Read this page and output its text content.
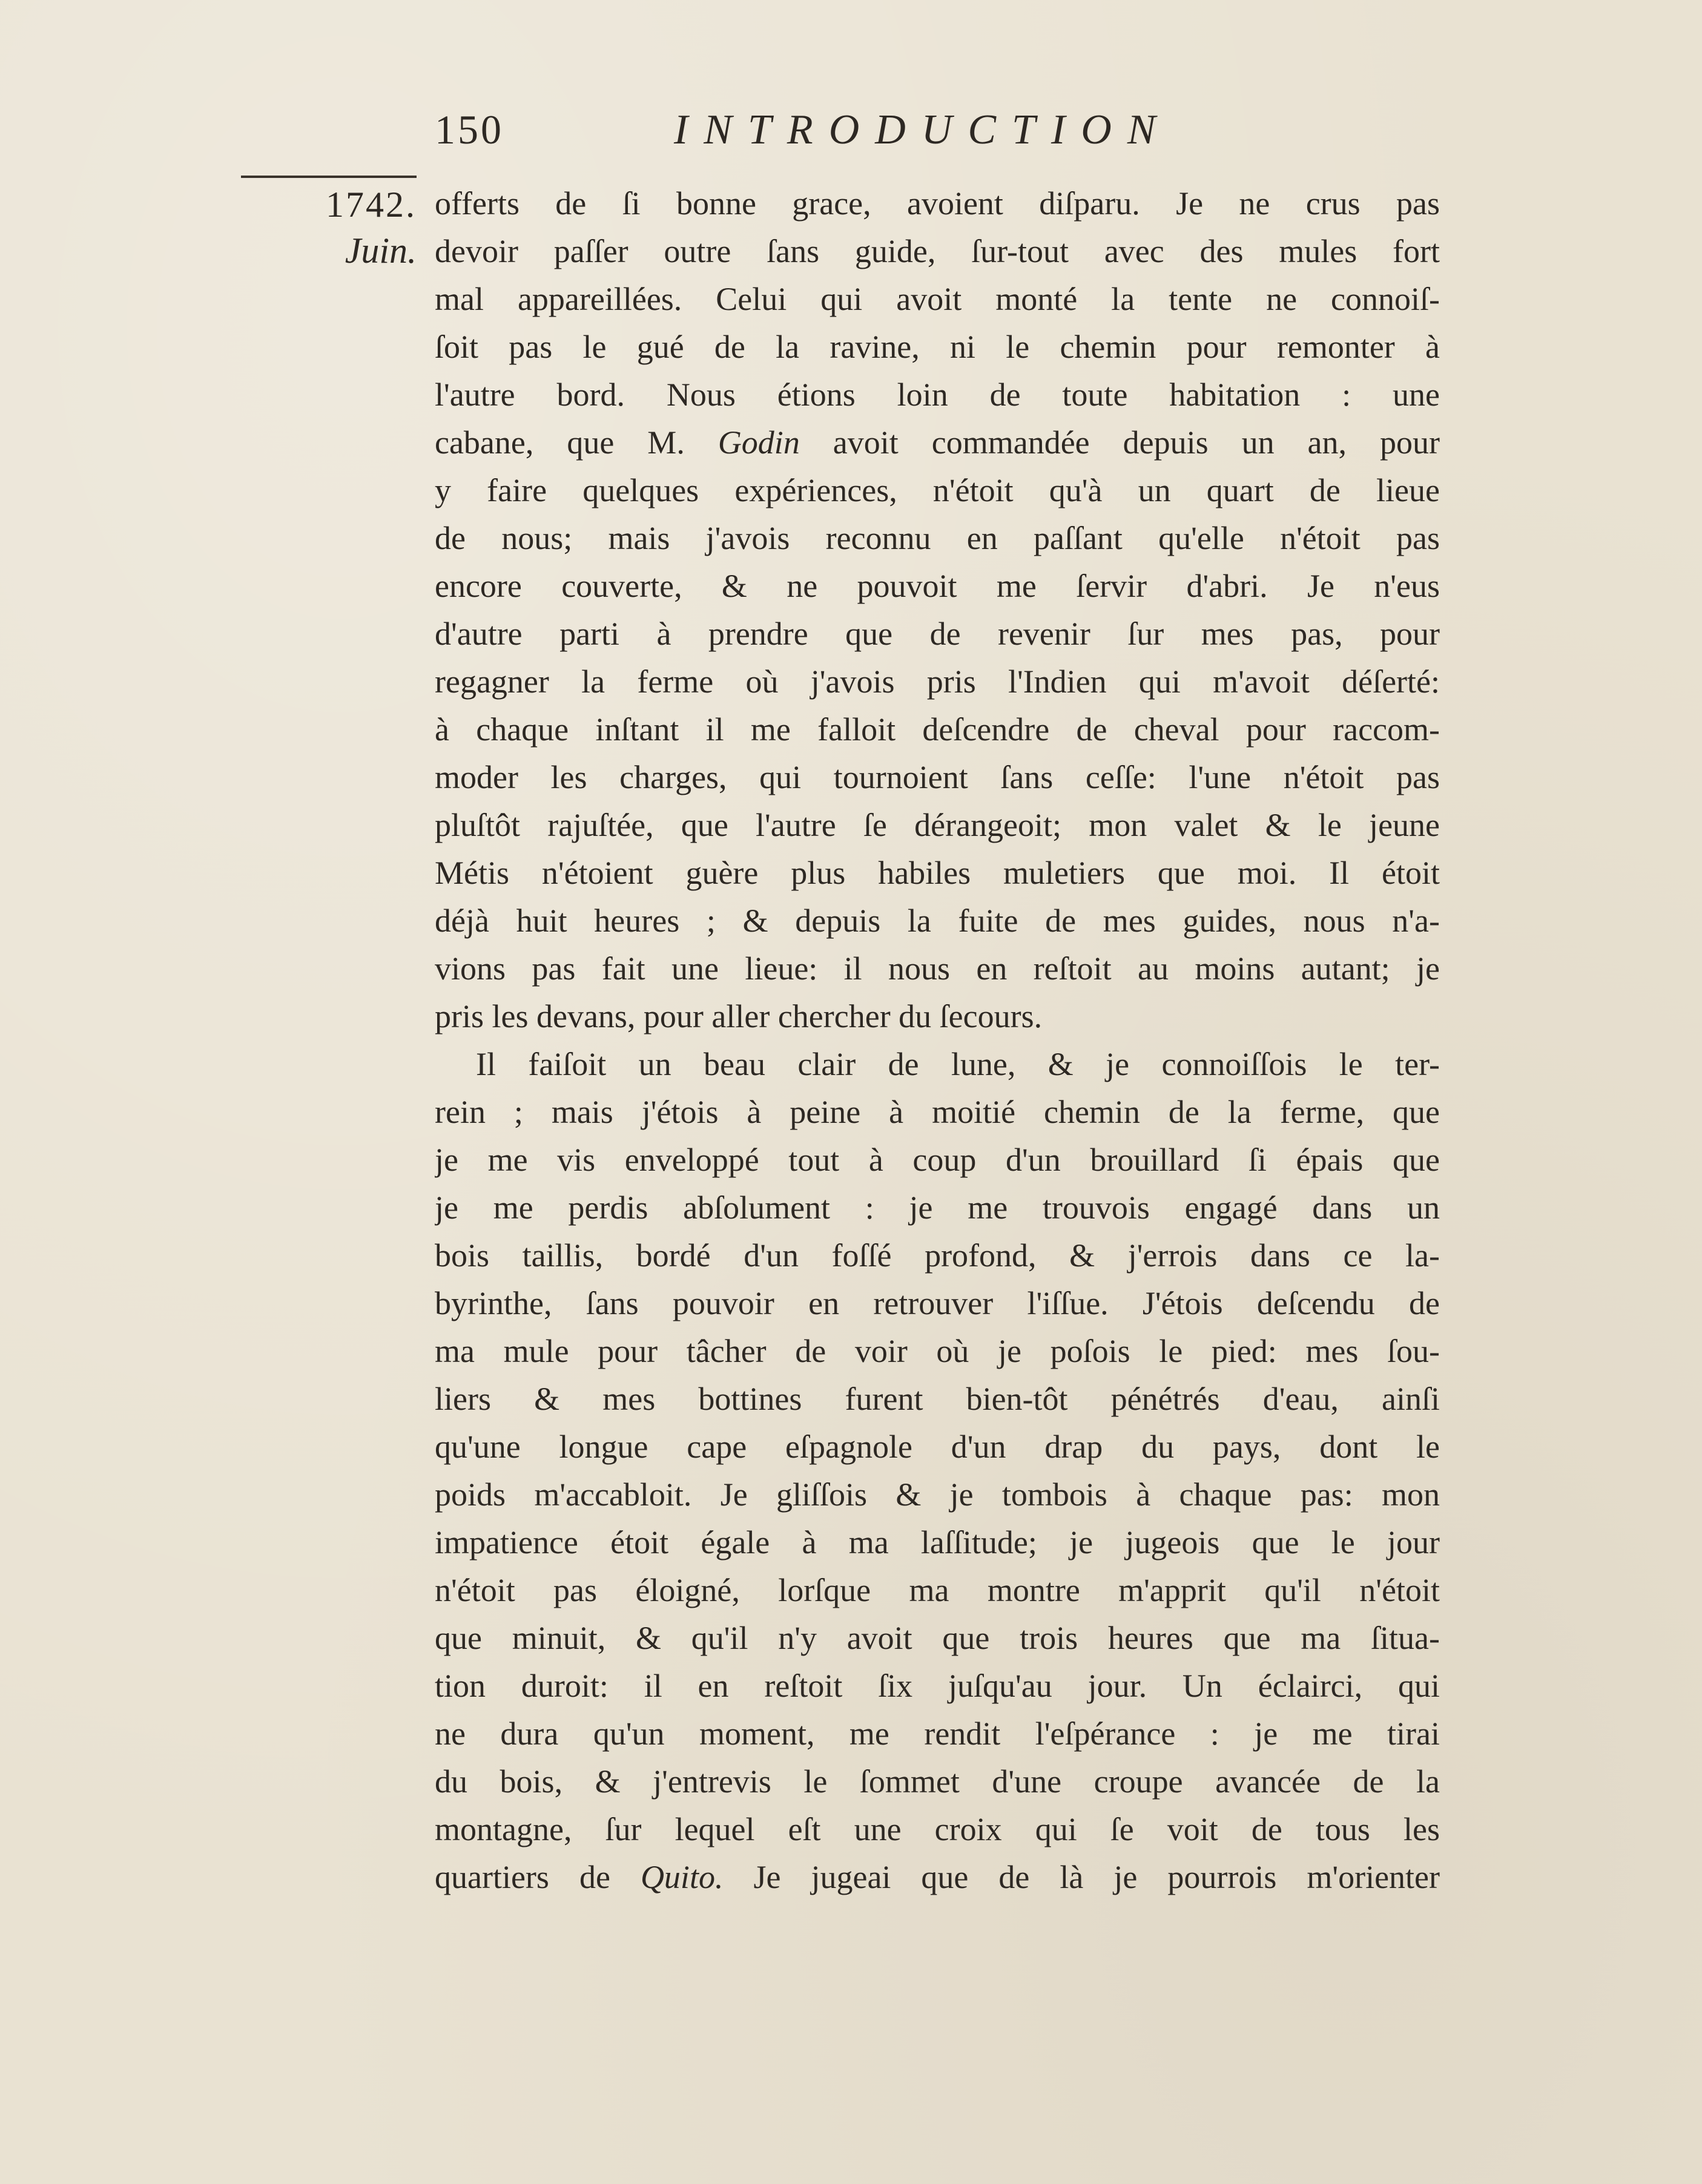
150	INTRODUCTION
1742.
Juin.
offerts de ſi bonne grace, avoient diſparu. Je ne crus pas
devoir paſſer outre ſans guide, ſur-tout avec des mules fort
mal appareillées. Celui qui avoit monté la tente ne connoiſ-
ſoit pas le gué de la ravine, ni le chemin pour remonter à
l'autre bord. Nous étions loin de toute habitation : une
cabane, que M. Godin avoit commandée depuis un an, pour
y faire quelques expériences, n'étoit qu'à un quart de lieue
de nous; mais j'avois reconnu en paſſant qu'elle n'étoit pas
encore couverte, & ne pouvoit me ſervir d'abri. Je n'eus
d'autre parti à prendre que de revenir ſur mes pas, pour
regagner la ferme où j'avois pris l'Indien qui m'avoit déſerté:
à chaque inſtant il me falloit deſcendre de cheval pour raccom-
moder les charges, qui tournoient ſans ceſſe: l'une n'étoit pas
pluſtôt rajuſtée, que l'autre ſe dérangeoit; mon valet & le jeune
Métis n'étoient guère plus habiles muletiers que moi. Il étoit
déjà huit heures ; & depuis la fuite de mes guides, nous n'a-
vions pas fait une lieue: il nous en reſtoit au moins autant; je
pris les devans, pour aller chercher du ſecours.
Il faiſoit un beau clair de lune, & je connoiſſois le ter-
rein ; mais j'étois à peine à moitié chemin de la ferme, que
je me vis enveloppé tout à coup d'un brouillard ſi épais que
je me perdis abſolument : je me trouvois engagé dans un
bois taillis, bordé d'un foſſé profond, & j'errois dans ce la-
byrinthe, ſans pouvoir en retrouver l'iſſue. J'étois deſcendu de
ma mule pour tâcher de voir où je poſois le pied: mes ſou-
liers & mes bottines furent bien-tôt pénétrés d'eau, ainſi
qu'une longue cape eſpagnole d'un drap du pays, dont le
poids m'accabloit. Je gliſſois & je tombois à chaque pas: mon
impatience étoit égale à ma laſſitude; je jugeois que le jour
n'étoit pas éloigné, lorſque ma montre m'apprit qu'il n'étoit
que minuit, & qu'il n'y avoit que trois heures que ma ſitua-
tion duroit: il en reſtoit ſix juſqu'au jour. Un éclairci, qui
ne dura qu'un moment, me rendit l'eſpérance : je me tirai
du bois, & j'entrevis le ſommet d'une croupe avancée de la
montagne, ſur lequel eſt une croix qui ſe voit de tous les
quartiers de Quito. Je jugeai que de là je pourrois m'orienter
